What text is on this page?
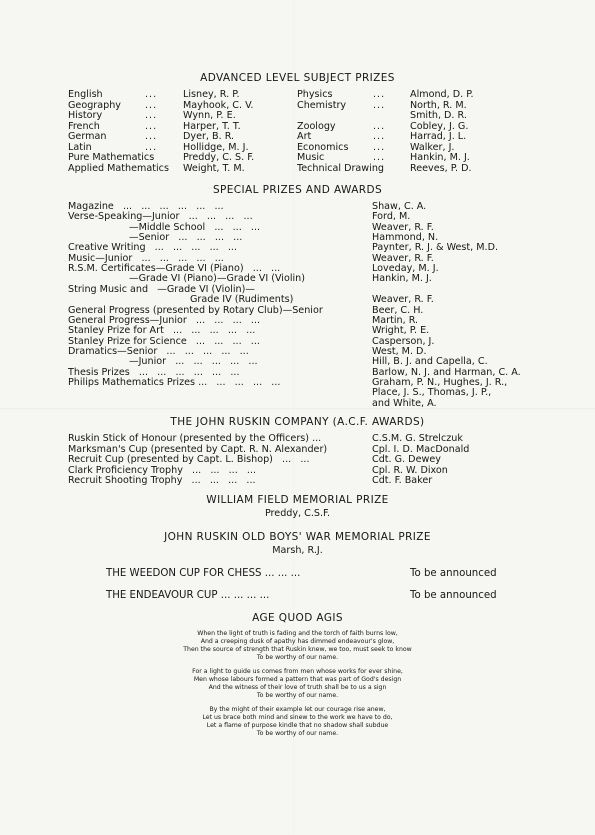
ADVANCED LEVEL SUBJECT PRIZES
English	...	Lisney, R. P.
Geography	...	Mayhook, C. V.
History	...	Wynn, P. E.
French	...	Harper, T. T.
German	...	Dyer, B. R.
Latin	...	Hollidge, M. J.
Pure Mathematics	Preddy, C. S. F.
Applied Mathematics Weight, T. M.
Physics	...	Almond, D. P.
Chemistry	...	North, R. M.
Smith, D. R.
Zoology	...	Cobley, J. G.
Art	...	Harrad, J. L.
Economics	...	Walker, J.
Music	...	Hankin, M. J.
Technical Drawing	Reeves, P. D.
SPECIAL PRIZES AND AWARDS
Magazine   ...   ...   ...   ...   ...   ...	Shaw, C. A.
Verse-Speaking—Junior   ...   ...   ...   ...	Ford, M.
—Middle School   ...   ...   ...	Weaver, R. F.
—Senior   ...   ...   ...   ...	Hammond, N.
Creative Writing   ...   ...   ...   ...   ...	Paynter, R. J. & West, M.D.
Music—Junior   ...   ...   ...   ...   ...	Weaver, R. F.
R.S.M. Certificates—Grade VI (Piano)   ...   ...	Loveday, M. J.
—Grade VI (Piano)—Grade VI (Violin)	Hankin, M. J.
String Music and   —Grade VI (Violin)—
Grade IV (Rudiments)	Weaver, R. F.
General Progress (presented by Rotary Club)—Senior	Beer, C. H.
General Progress—Junior   ...   ...   ...   ...	Martin, R.
Stanley Prize for Art   ...   ...   ...   ...   ...	Wright, P. E.
Stanley Prize for Science   ...   ...   ...   ...	Casperson, J.
Dramatics—Senior   ...   ...   ...   ...   ...	West, M. D.
—Junior   ...   ...   ...   ...   ...	Hill, B. J. and Capella, C.
Thesis Prizes   ...   ...   ...   ...   ...   ...	Barlow, N. J. and Harman, C. A.
Philips Mathematics Prizes ...   ...   ...   ...   ...	Graham, P. N., Hughes, J. R.,
Place, J. S., Thomas, J. P.,
and White, A.
THE JOHN RUSKIN COMPANY (A.C.F. AWARDS)
Ruskin Stick of Honour (presented by the Officers) ...	C.S.M. G. Strelczuk
Marksman's Cup (presented by Capt. R. N. Alexander)	Cpl. I. D. MacDonald
Recruit Cup (presented by Capt. L. Bishop)   ...   ...	Cdt. G. Dewey
Clark Proficiency Trophy   ...   ...   ...   ...	Cpl. R. W. Dixon
Recruit Shooting Trophy   ...   ...   ...   ...	Cdt. F. Baker
WILLIAM FIELD MEMORIAL PRIZE
Preddy, C.S.F.
JOHN RUSKIN OLD BOYS' WAR MEMORIAL PRIZE
Marsh, R.J.
THE WEEDON CUP FOR CHESS ... ... ...	To be announced
THE ENDEAVOUR CUP ... ... ... ...	To be announced
AGE QUOD AGIS
When the light of truth is fading and the torch of faith burns low,
And a creeping dusk of apathy has dimmed endeavour's glow,
Then the source of strength that Ruskin knew, we too, must seek to know
To be worthy of our name.
For a light to guide us comes from men whose works for ever shine,
Men whose labours formed a pattern that was part of God's design
And the witness of their love of truth shall be to us a sign
To be worthy of our name.
By the might of their example let our courage rise anew,
Let us brace both mind and sinew to the work we have to do,
Let a flame of purpose kindle that no shadow shall subdue
To be worthy of our name.
